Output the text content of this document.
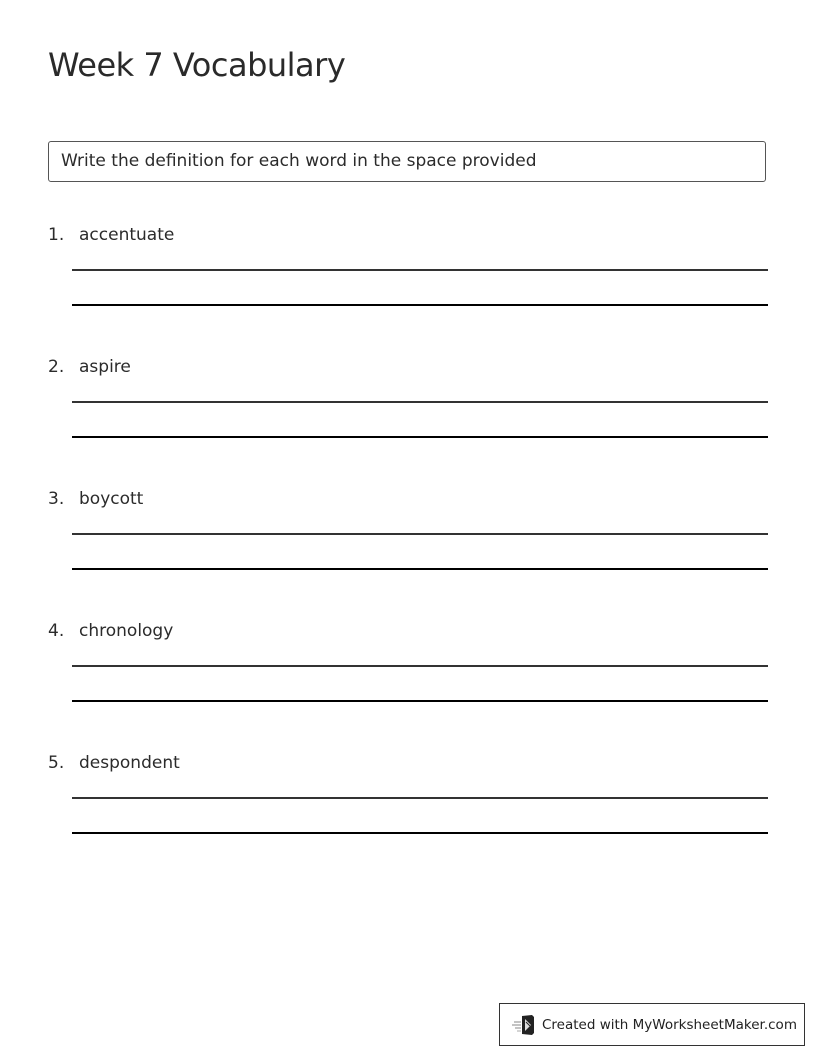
Week 7 Vocabulary
Write the definition for each word in the space provided
1. accentuate
2. aspire
3. boycott
4. chronology
5. despondent
Created with MyWorksheetMaker.com
